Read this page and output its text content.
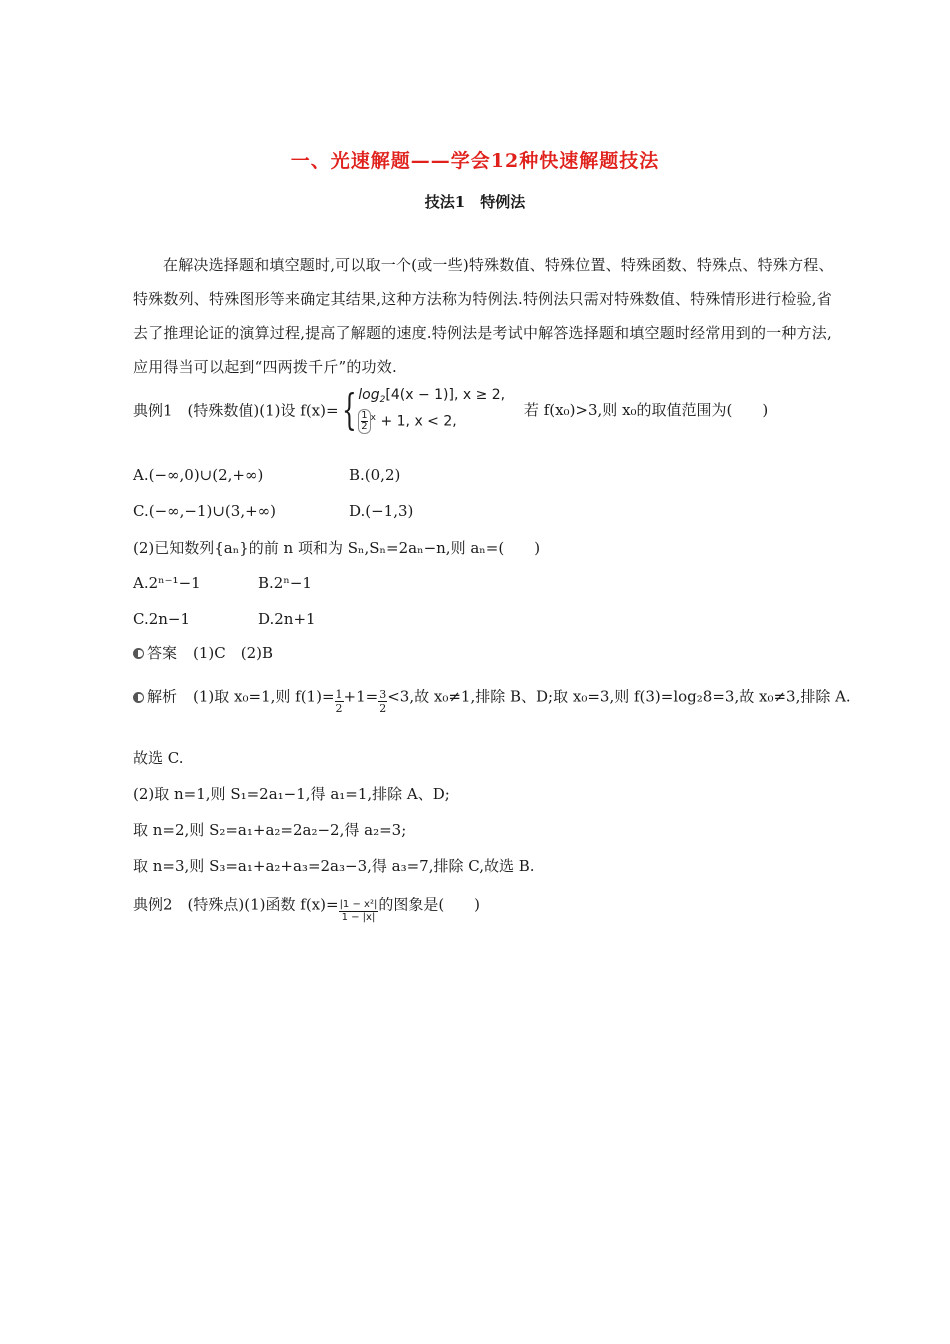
一、光速解题——学会12种快速解题技法
技法1　特例法
在解决选择题和填空题时,可以取一个(或一些)特殊数值、特殊位置、特殊函数、特殊点、特殊方程、特殊数列、特殊图形等来确定其结果,这种方法称为特例法.特例法只需对特殊数值、特殊情形进行检验,省去了推理论证的演算过程,提高了解题的速度.特例法是考试中解答选择题和填空题时经常用到的一种方法,应用得当可以起到“四两拨千斤”的功效.
典例1　(特殊数值)(1)设 f(x)={ $\log_2[4(x - 1)]$, x ≥ 2,
$\frac{1}{2} ^x + 1$, x < 2,
若 f(x₀)>3,则 x₀的取值范围为(　　)
A.(−∞,0)∪(2,+∞)	B.(0,2)
C.(−∞,−1)∪(3,+∞)	D.(−1,3)
(2)已知数列{aₙ}的前 n 项和为 Sₙ,Sₙ=2aₙ−n,则 aₙ=(　　)
A.2ⁿ⁻¹−1	B.2ⁿ−1
C.2n−1	D.2n+1
答案 (1)C　(2)B
解析 (1)取 x₀=1,则 $f(1)= \frac{1}{2} +1= \frac{3}{2} <3$,故 x₀≠1,排除 B、D;取 x₀=3,则 f(3)=log₂8=3,故 x₀≠3,排除 A.
故选 C.
(2)取 n=1,则 S₁=2a₁−1,得 a₁=1,排除 A、D;
取 n=2,则 S₂=a₁+a₂=2a₂−2,得 a₂=3;
取 n=3,则 S₃=a₁+a₂+a₃=2a₃−3,得 a₃=7,排除 C,故选 B.
典例2　(特殊点)(1)函数 $f(x)= \frac{\text{|1 − x²|}}{1 - |x|}$ 的图象是(　　)
